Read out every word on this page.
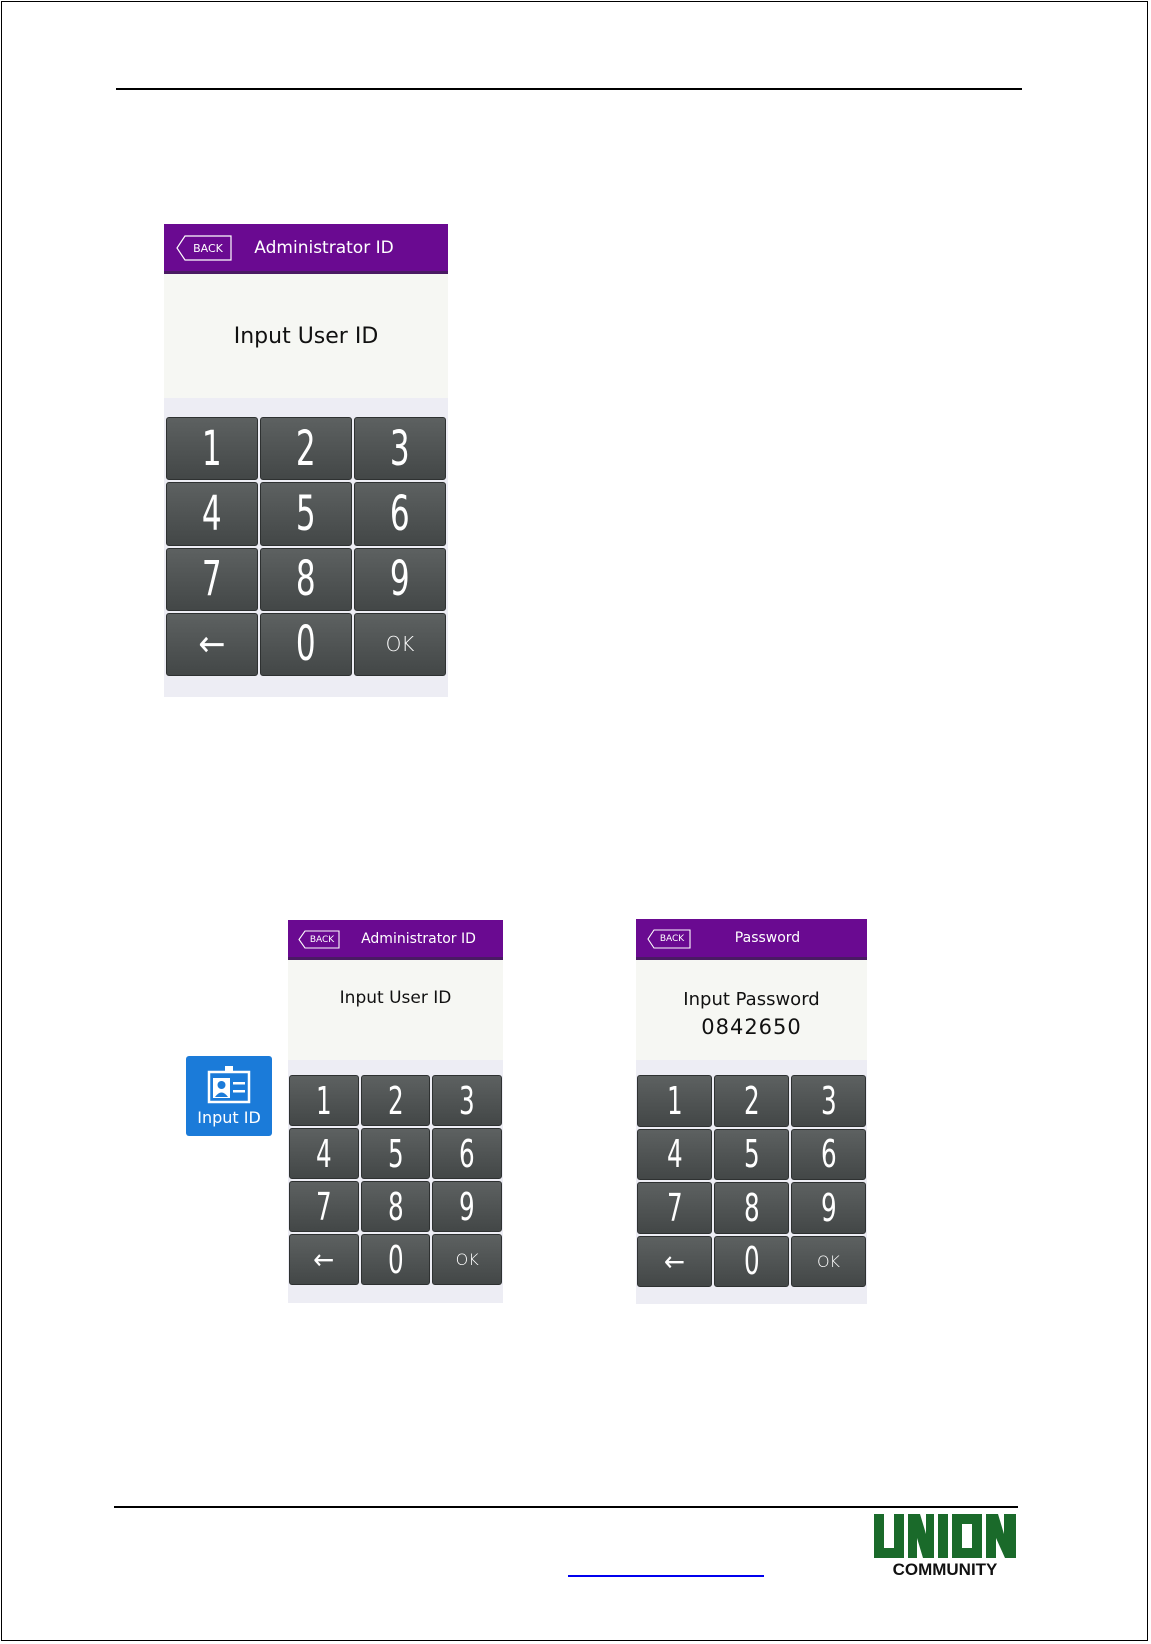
Administrator ID
BACK
Input User ID
1 2 3
4 5 6
7 8 9
← 0	OK
Input ID
Administrator ID
BACK
Input User ID
1 2 3
4 5 6
7 8 9
← 0	OK
Password
BACK
Input Password
0842650
1 2 3
4 5 6
7 8 9
← 0	OK
COMMUNITY
